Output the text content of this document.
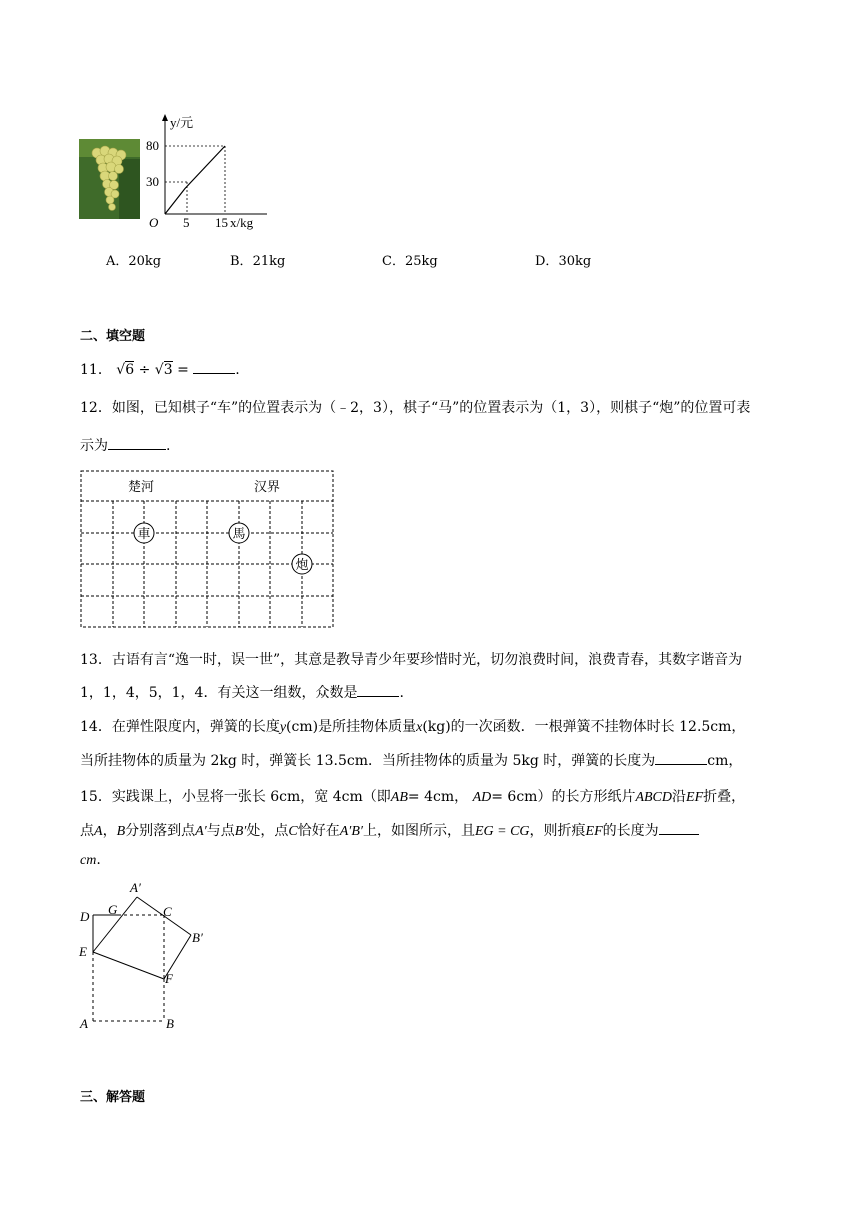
y/元
80
30
O 5 15 x/kg
A．20kg	B．21kg	C．25kg	D．30kg
二、填空题
11． √6 ÷ √3 =	.
12．如图，已知棋子“车”的位置表示为（﹣2，3），棋子“马”的位置表示为（1，3），则棋子“炮”的位置可表
示为	.
楚河	汉界
車	馬
炮
13．古语有言“逸一时，误一世”，其意是教导青少年要珍惜时光，切勿浪费时间，浪费青春，其数字谐音为
1，1，4，5，1，4．有关这一组数，众数是	.
14．在弹性限度内，弹簧的长度y(cm)是所挂物体质量x(kg)的一次函数．一根弹簧不挂物体时长 12.5cm，
当所挂物体的质量为 2kg 时，弹簧长 13.5cm．当所挂物体的质量为 5kg 时，弹簧的长度为	cm，
15．实践课上，小昱将一张长 6cm，宽 4cm（即AB= 4cm， AD= 6cm）的长方形纸片ABCD沿EF折叠，
点A，B分别落到点A′与点B′处，点C恰好在A′B′上，如图所示，且EG = CG，则折痕EF的长度为
cm.
A′
D G	C
B′
E
F
A	B
三、解答题
